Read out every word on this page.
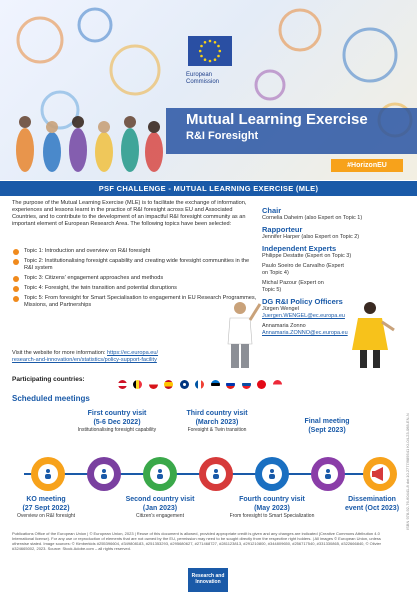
European
Commission
Mutual Learning Exercise
R&I Foresight
#HorizonEU
PSF CHALLENGE - MUTUAL LEARNING EXERCISE (MLE)

The purpose of the Mutual Learning Exercise (MLE) is to facilitate the exchange of information, experiences and lessons learnt in the practice of R&I foresight across EU and Associated Countries, and to contribute to the development of an impactful R&I foresight community as an important element of European Research Area. The following topics have been selected:

Topic 1: Introduction and overview on R&I foresight
Topic 2: Institutionalising foresight capability and creating wide foresight communities in the R&I system
Topic 3: Citizens' engagement approaches and methods
Topic 4: Foresight, the twin transition and potential disruptions
Topic 5: From foresight for Smart Specialisation to engagement in EU Research Programmes, Missions, and Partnerships
Visit the website for more information: https://ec.europa.eu/
research-and-innovation/en/statistics/policy-support-facility
Chair
Cornelia Daheim (also Expert on Topic 1)
Rapporteur
Jennifer Harper (also Expert on Topic 2)
Independent Experts
Philippe Destatte (Expert on Topic 3)
Paulo Soeiro de Carvalho (Expert
on Topic 4)
Michal Pazour (Expert on
Topic 5)
DG R&I Policy Officers
Jürgen Wengel
Juergen.WENGEL@ec.europa.eu
Annamaria Zonno
Annamaria.ZONNO@ec.europa.eu
Participating countries:

Scheduled meetings
First country visit
(5-6 Dec 2022)
Institutionalising foresight capability
Third country visit
(March 2023)
Foresight & Twin transition
Final meeting
(Sept 2023)
KO meeting
(27 Sept 2022)
Overview on R&I foresight
Second country visit
(Jan 2023)
Citizen's engagement
Fourth country visit
(May 2023)
From foresight to Smart Specialization
Dissemination
event (Oct 2023)

Publications Office of the European Union | © European Union, 2023 | Reuse of this document is allowed, provided appropriate credit is given and any changes are indicated (Creative Commons Attribution 4.0 International license). For any use or reproduction of elements that are not owned by the EU, permission may need to be sought directly from the respective right holders. | All images © European Union, unless otherwise stated. Image sources: © Kimberkids #255396604, #349808183, #251353293, #295680627, #271468727, #281123813, #291210800, #344809650, #256717540, #331330865, #322666840, © Olivier #324665002, 2023. Source: Stock.Adobe.com – all rights reserved.

Research and
Innovation
ISBN 978-92-76-60441-8 doi:10.2777/989541 KI-04-23-068-EN-N
